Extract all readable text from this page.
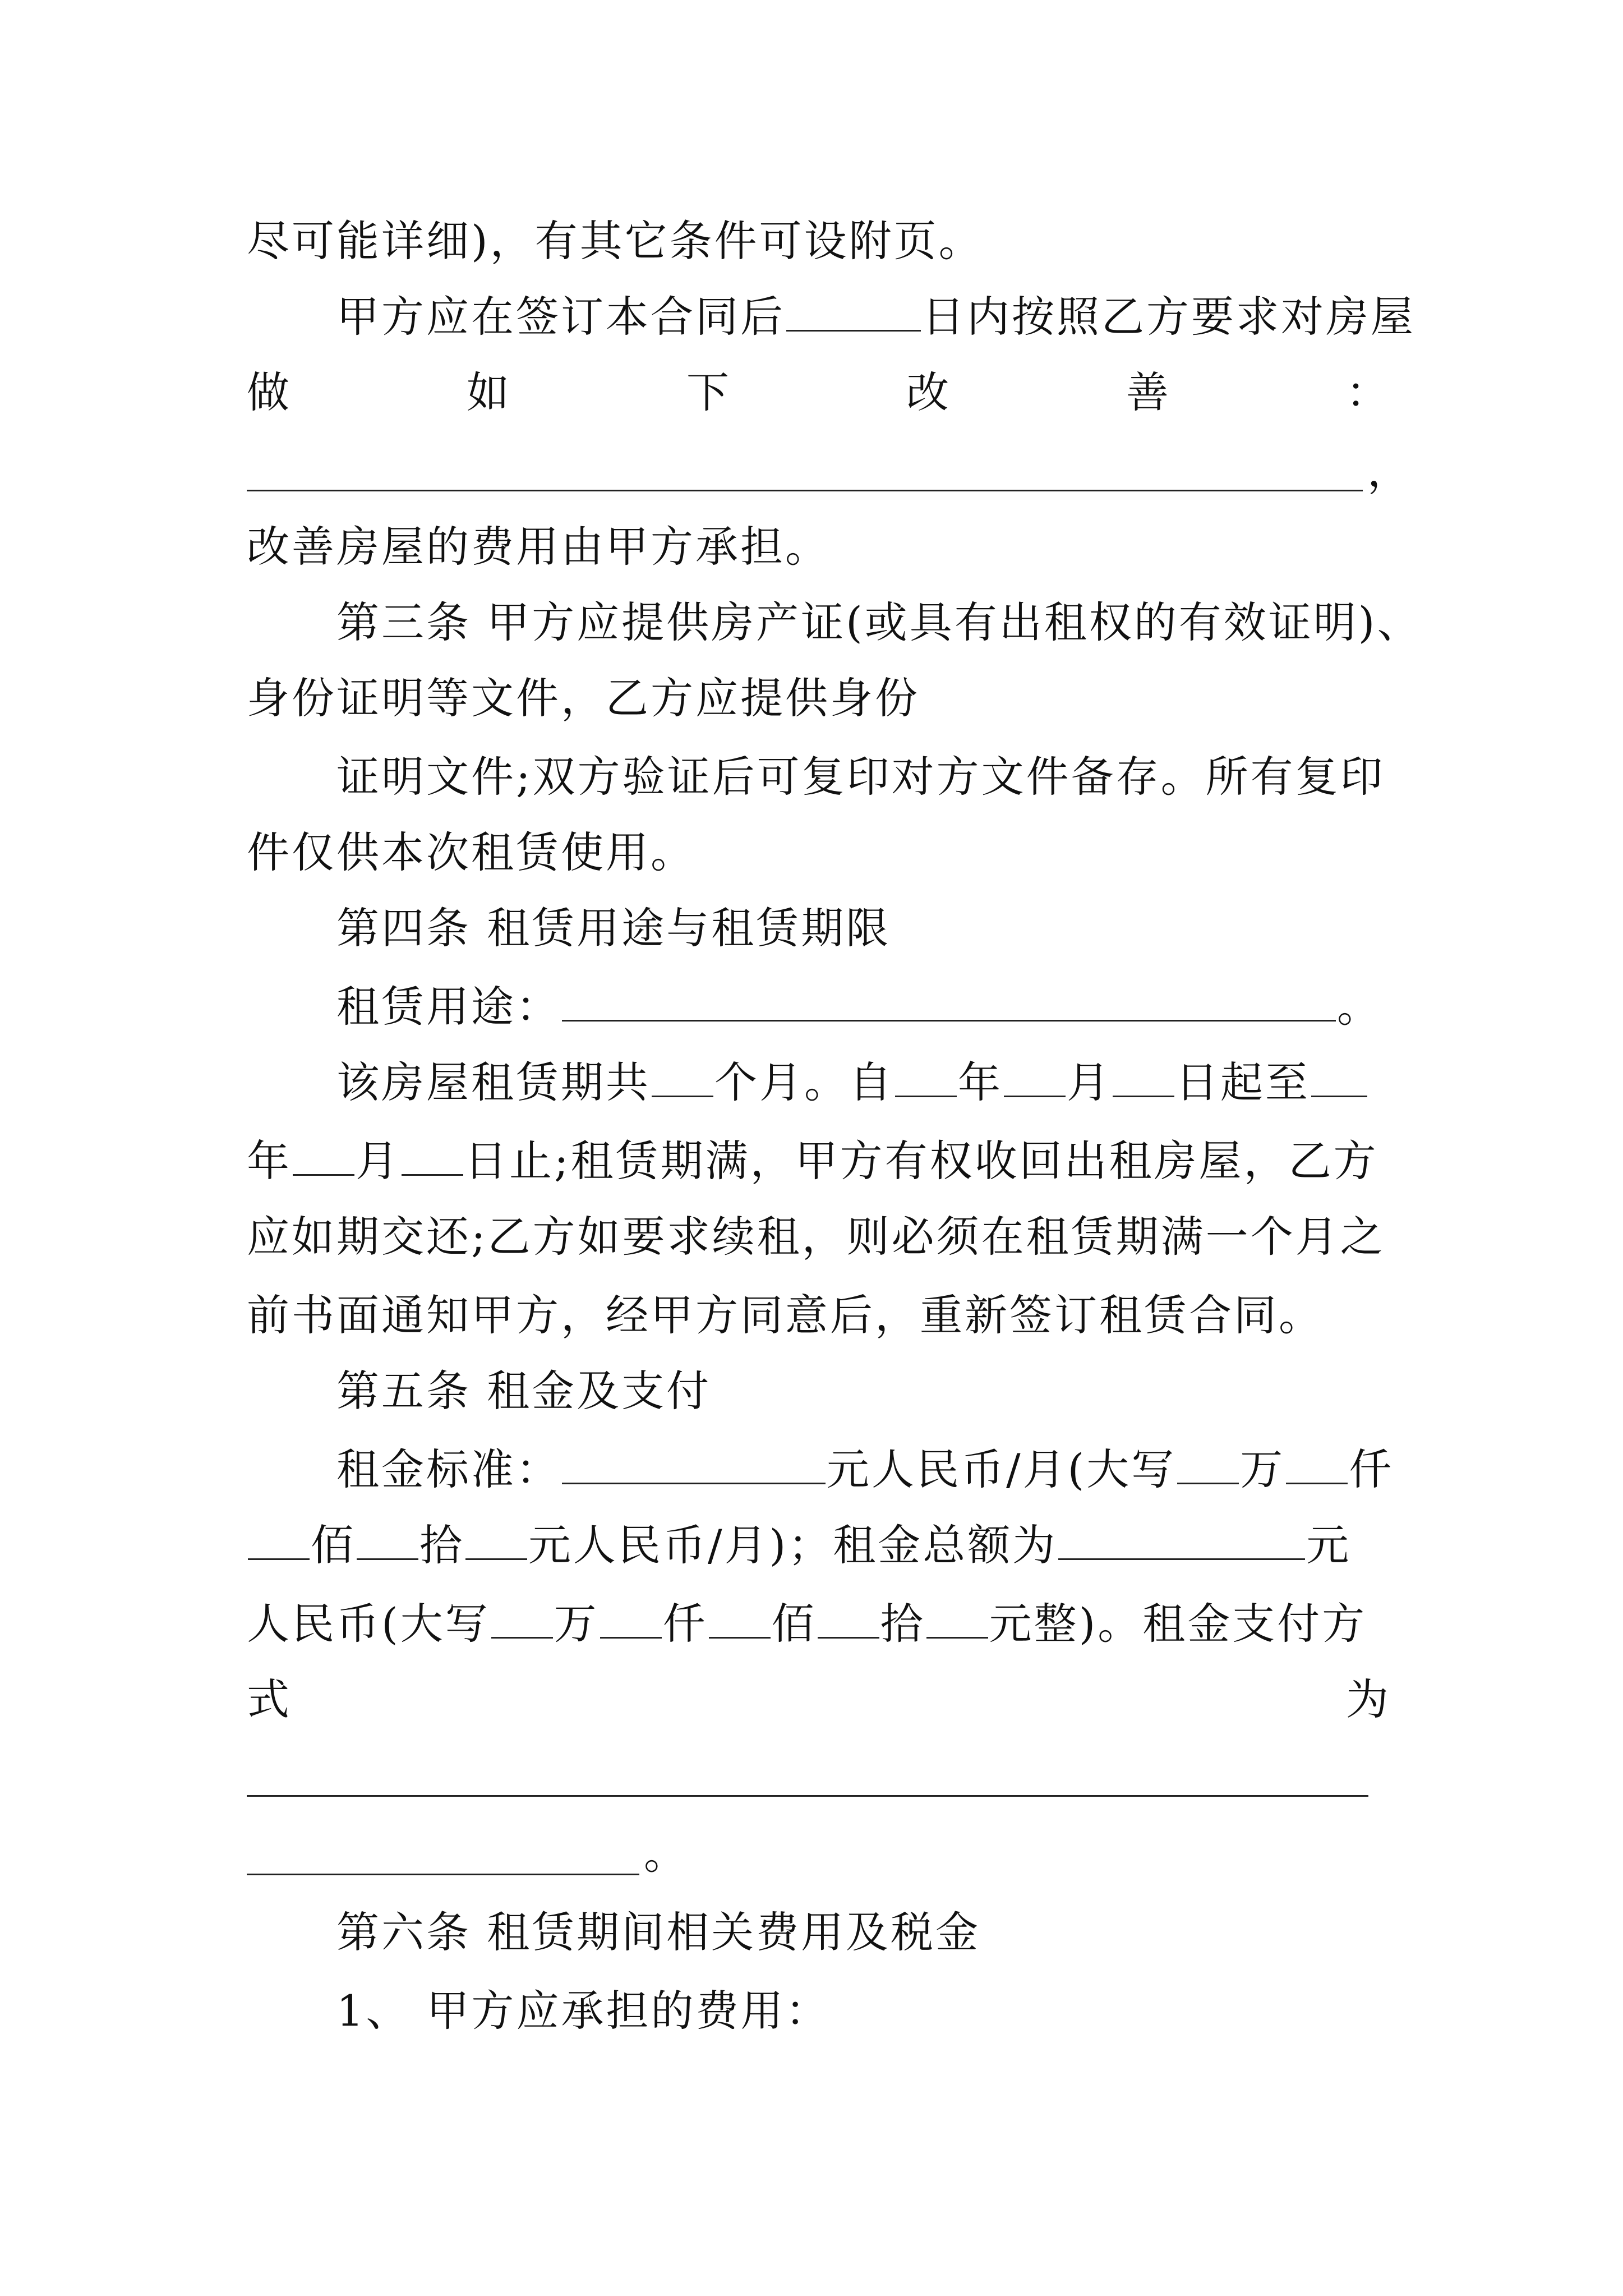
尽可能详细)，有其它条件可设附页。
甲方应在签订本合同后	日内按照乙方要求对房屋
做	如	下	改	善	：
，
改善房屋的费用由甲方承担。
第三条 甲方应提供房产证(或具有出租权的有效证明)、
身份证明等文件，乙方应提供身份
证明文件;双方验证后可复印对方文件备存。所有复印
件仅供本次租赁使用。
第四条 租赁用途与租赁期限
租赁用途：	。
该房屋租赁期共 个月。自 年 月 日起至
年 月 日止;租赁期满，甲方有权收回出租房屋，乙方
应如期交还;乙方如要求续租，则必须在租赁期满一个月之
前书面通知甲方，经甲方同意后，重新签订租赁合同。
第五条 租金及支付
租金标准：	元人民币/月(大写 万 仟
佰 拾 元人民币/月)；租金总额为	元
人民币(大写 万 仟 佰 拾 元整)。租金支付方
式	为
。
第六条 租赁期间相关费用及税金
1、 甲方应承担的费用：
